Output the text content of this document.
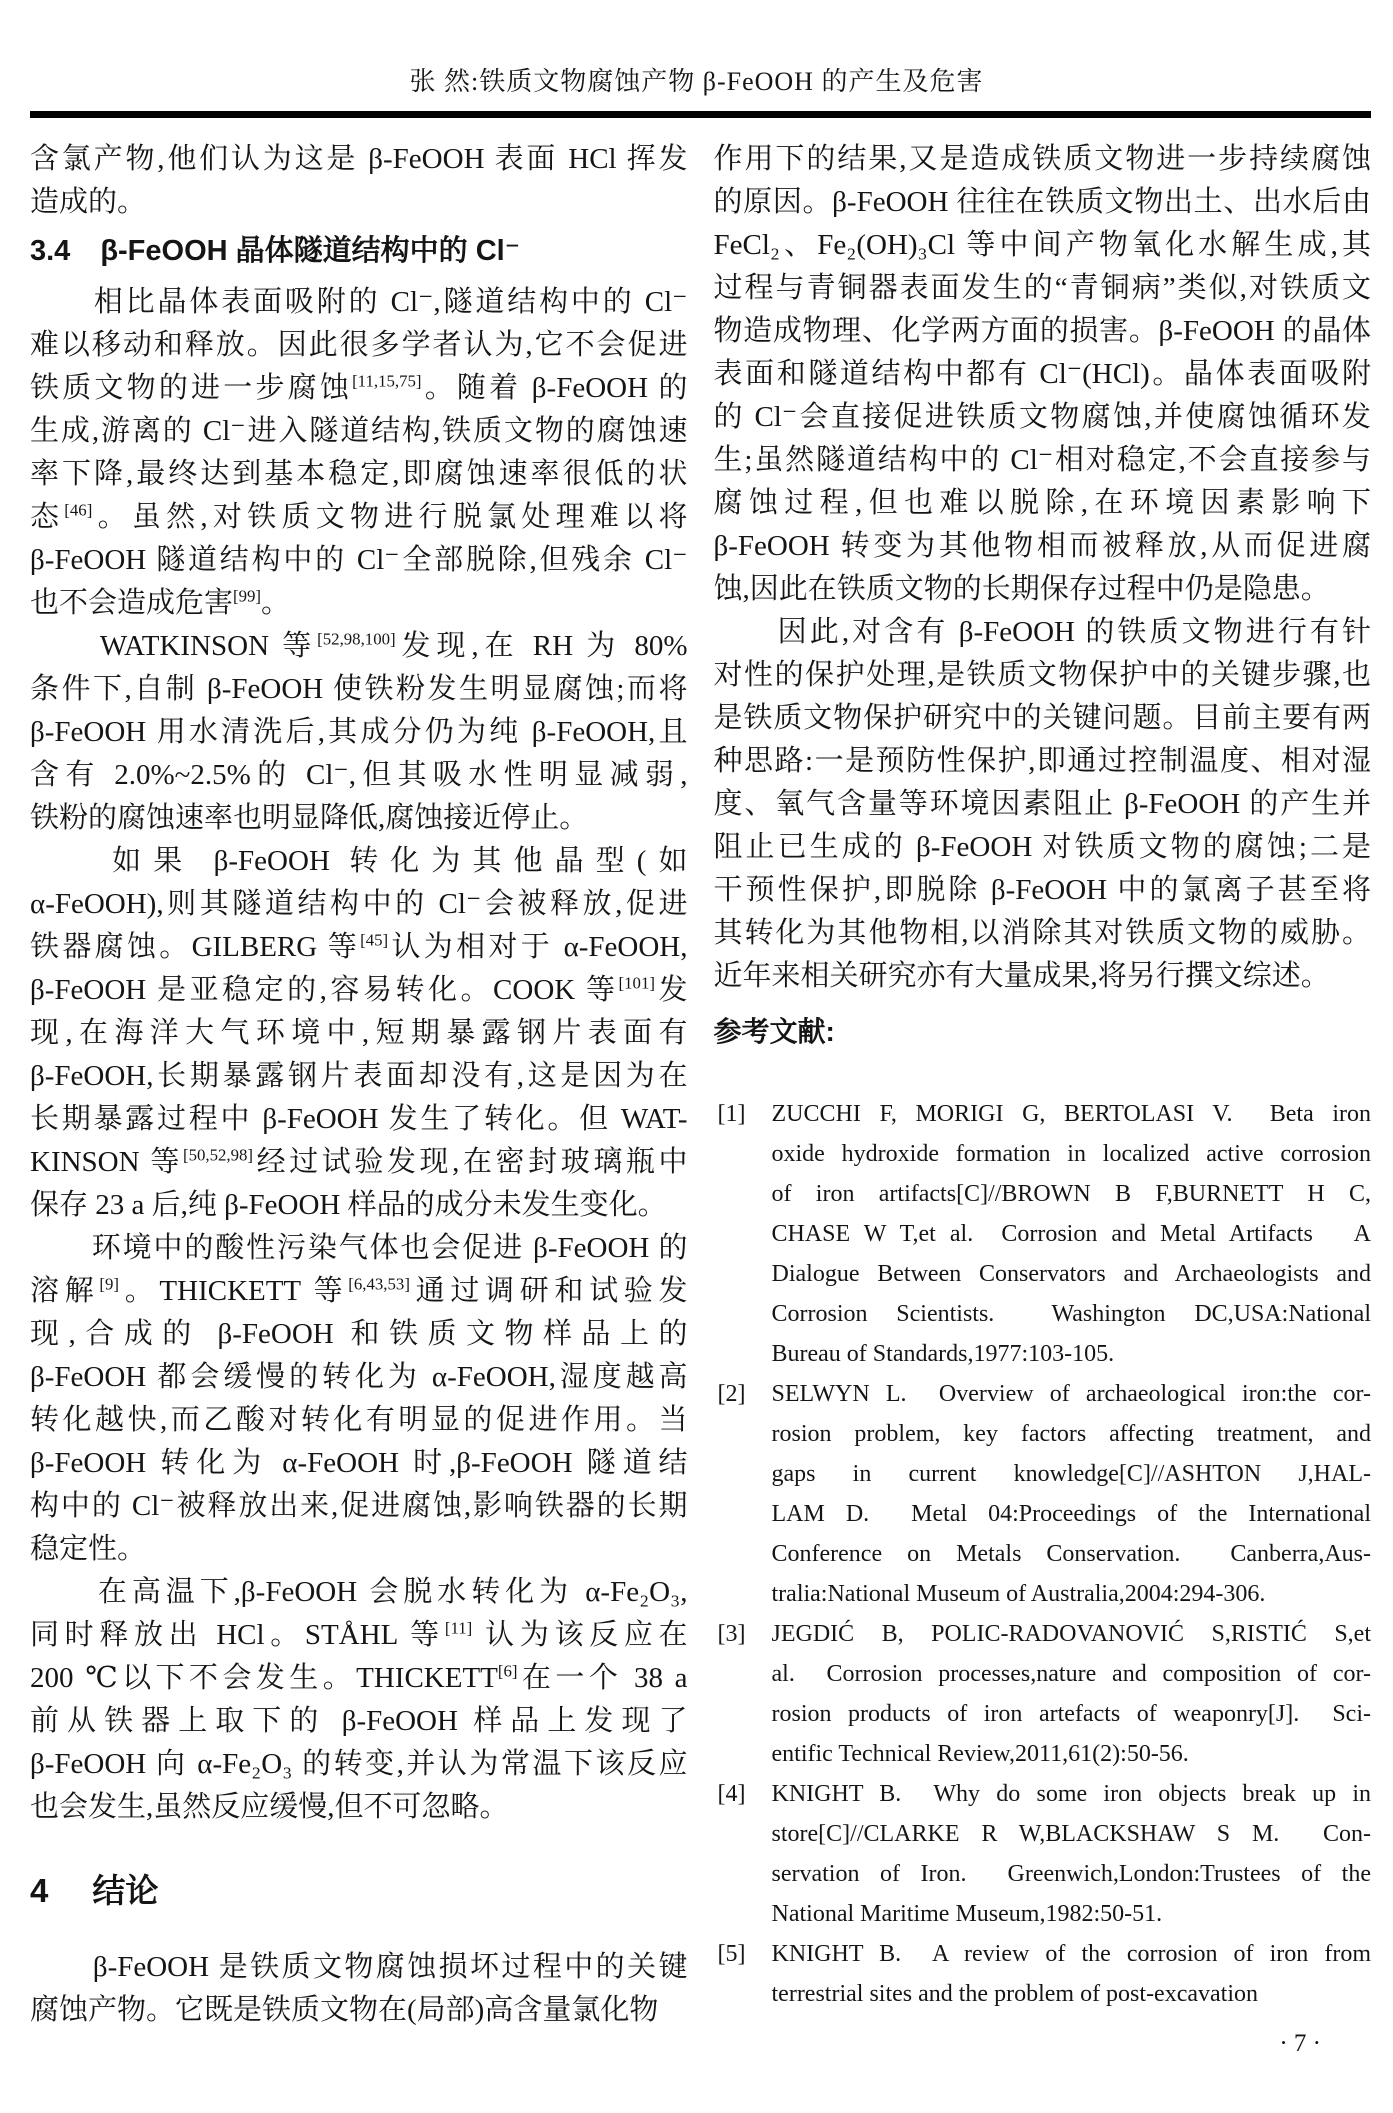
张 然:铁质文物腐蚀产物 β-FeOOH 的产生及危害
含氯产物,他们认为这是 β-FeOOH 表面 HCl 挥发
造成的。
3.4 β-FeOOH 晶体隧道结构中的 Cl⁻
　　相比晶体表面吸附的 Cl⁻,隧道结构中的 Cl⁻
难以移动和释放。因此很多学者认为,它不会促进
铁质文物的进一步腐蚀[11,15,75]。随着 β-FeOOH 的
生成,游离的 Cl⁻进入隧道结构,铁质文物的腐蚀速
率下降,最终达到基本稳定,即腐蚀速率很低的状
态[46]。虽然,对铁质文物进行脱氯处理难以将
β-FeOOH 隧道结构中的 Cl⁻全部脱除,但残余 Cl⁻
也不会造成危害[99]。
　　WATKINSON 等[52,98,100]发现,在 RH 为 80%
条件下,自制 β-FeOOH 使铁粉发生明显腐蚀;而将
β-FeOOH 用水清洗后,其成分仍为纯 β-FeOOH,且
含有 2.0%~2.5%的 Cl⁻,但其吸水性明显减弱,
铁粉的腐蚀速率也明显降低,腐蚀接近停止。
　　如果 β-FeOOH 转化为其他晶型(如
α-FeOOH),则其隧道结构中的 Cl⁻会被释放,促进
铁器腐蚀。GILBERG 等[45]认为相对于 α-FeOOH,
β-FeOOH 是亚稳定的,容易转化。COOK 等[101]发
现,在海洋大气环境中,短期暴露钢片表面有
β-FeOOH,长期暴露钢片表面却没有,这是因为在
长期暴露过程中 β-FeOOH 发生了转化。但 WAT-
KINSON 等[50,52,98]经过试验发现,在密封玻璃瓶中
保存 23 a 后,纯 β-FeOOH 样品的成分未发生变化。
　　环境中的酸性污染气体也会促进 β-FeOOH 的
溶解[9]。THICKETT 等[6,43,53]通过调研和试验发
现,合成的 β-FeOOH 和铁质文物样品上的
β-FeOOH 都会缓慢的转化为 α-FeOOH,湿度越高
转化越快,而乙酸对转化有明显的促进作用。当
β-FeOOH 转化为 α-FeOOH 时,β-FeOOH 隧道结
构中的 Cl⁻被释放出来,促进腐蚀,影响铁器的长期
稳定性。
　　在高温下,β-FeOOH 会脱水转化为 α-Fe₂O₃,
同时释放出 HCl。STÅHL 等[11] 认为该反应在
200 ℃以下不会发生。THICKETT[6]在一个 38 a
前从铁器上取下的 β-FeOOH 样品上发现了
β-FeOOH 向 α-Fe₂O₃ 的转变,并认为常温下该反应
也会发生,虽然反应缓慢,但不可忽略。
4 结论
　　β-FeOOH 是铁质文物腐蚀损坏过程中的关键
腐蚀产物。它既是铁质文物在(局部)高含量氯化物
作用下的结果,又是造成铁质文物进一步持续腐蚀
的原因。β-FeOOH 往往在铁质文物出土、出水后由
FeCl₂、Fe₂(OH)₃Cl 等中间产物氧化水解生成,其
过程与青铜器表面发生的“青铜病”类似,对铁质文
物造成物理、化学两方面的损害。β-FeOOH 的晶体
表面和隧道结构中都有 Cl⁻(HCl)。晶体表面吸附
的 Cl⁻会直接促进铁质文物腐蚀,并使腐蚀循环发
生;虽然隧道结构中的 Cl⁻相对稳定,不会直接参与
腐蚀过程,但也难以脱除,在环境因素影响下
β-FeOOH 转变为其他物相而被释放,从而促进腐
蚀,因此在铁质文物的长期保存过程中仍是隐患。
　　因此,对含有 β-FeOOH 的铁质文物进行有针
对性的保护处理,是铁质文物保护中的关键步骤,也
是铁质文物保护研究中的关键问题。目前主要有两
种思路:一是预防性保护,即通过控制温度、相对湿
度、氧气含量等环境因素阻止 β-FeOOH 的产生并
阻止已生成的 β-FeOOH 对铁质文物的腐蚀;二是
干预性保护,即脱除 β-FeOOH 中的氯离子甚至将
其转化为其他物相,以消除其对铁质文物的威胁。
近年来相关研究亦有大量成果,将另行撰文综述。
参考文献:
[1]	ZUCCHI F, MORIGI G, BERTOLASI V.  Beta iron
oxide hydroxide formation in localized active corrosion
of iron artifacts[C]//BROWN B F,BURNETT H C,
CHASE W T,et al.  Corrosion and Metal Artifacts   A
Dialogue Between Conservators and Archaeologists and
Corrosion Scientists.  Washington DC,USA:National
Bureau of Standards,1977:103-105.
[2]	SELWYN L.  Overview of archaeological iron:the cor-
rosion problem, key factors affecting treatment, and
gaps in current knowledge[C]//ASHTON J,HAL-
LAM D.  Metal 04:Proceedings of the International
Conference on Metals Conservation.  Canberra,Aus-
tralia:National Museum of Australia,2004:294-306.
[3]	JEGDIĆ B, POLIC-RADOVANOVIĆ S,RISTIĆ S,et
al.  Corrosion processes,nature and composition of cor-
rosion products of iron artefacts of weaponry[J].  Sci-
entific Technical Review,2011,61(2):50-56.
[4]	KNIGHT B.  Why do some iron objects break up in
store[C]//CLARKE R W,BLACKSHAW S M.  Con-
servation of Iron.  Greenwich,London:Trustees of the
National Maritime Museum,1982:50-51.
[5]	KNIGHT B.  A review of the corrosion of iron from
terrestrial sites and the problem of post-excavation
· 7 ·
